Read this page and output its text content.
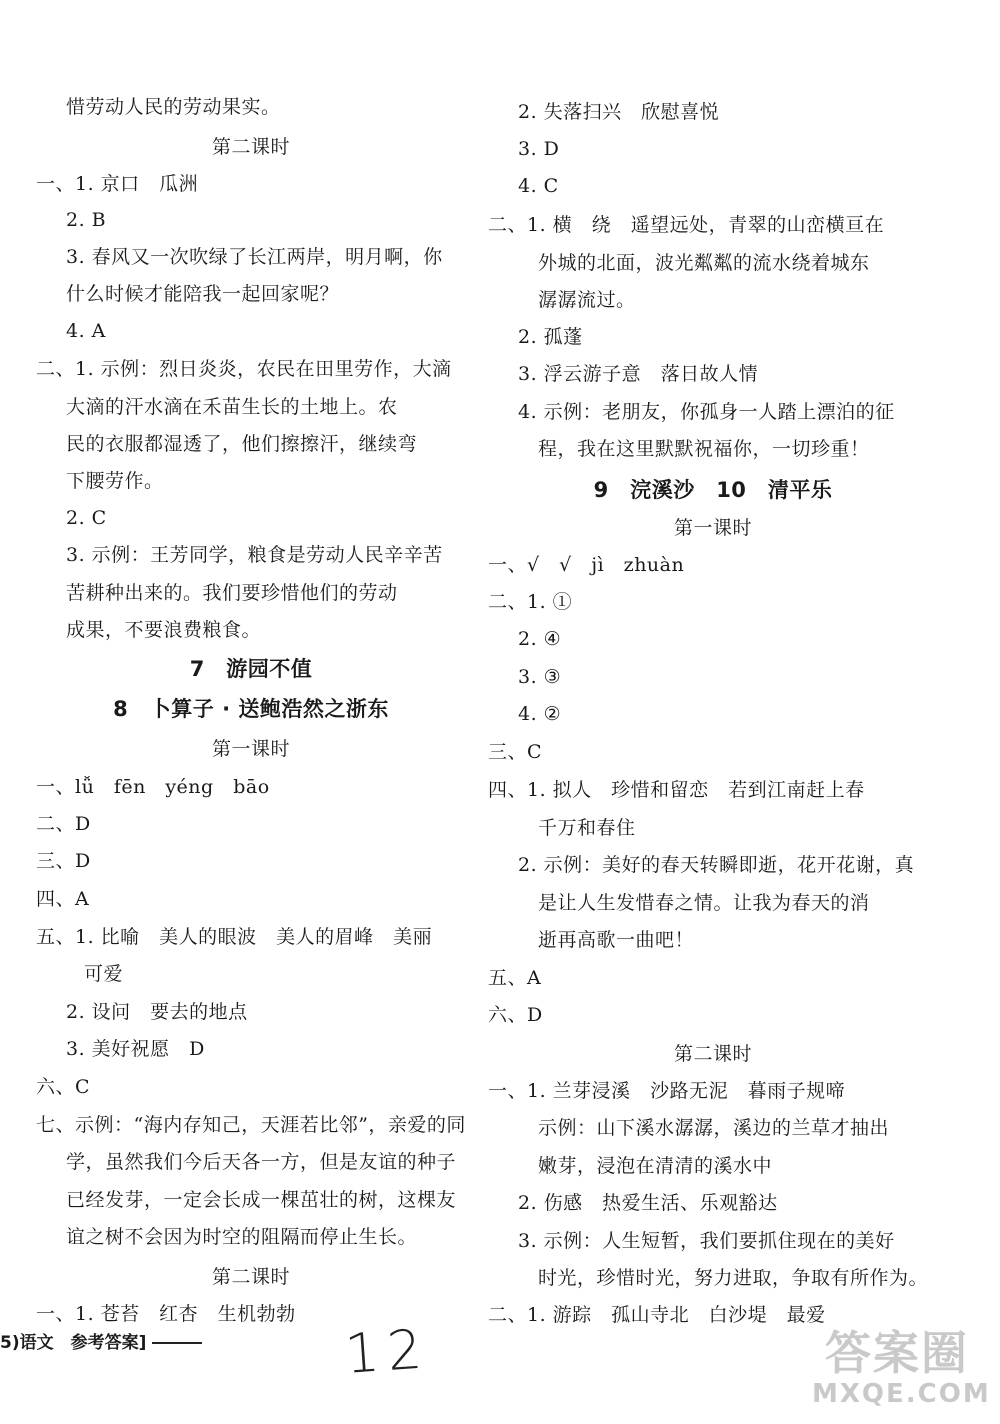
惜劳动人民的劳动果实。
第二课时
一、1. 京口　瓜洲
2. B
3. 春风又一次吹绿了长江两岸，明月啊，你
什么时候才能陪我一起回家呢？
4. A
二、1. 示例：烈日炎炎，农民在田里劳作，大滴
大滴的汗水滴在禾苗生长的土地上。农
民的衣服都湿透了，他们擦擦汗，继续弯
下腰劳作。
2. C
3. 示例：王芳同学，粮食是劳动人民辛辛苦
苦耕种出来的。我们要珍惜他们的劳动
成果，不要浪费粮食。
7　游园不值
8　卜算子 · 送鲍浩然之浙东
第一课时
一、lǚ　fēn　yéng　bāo
二、D
三、D
四、A
五、1. 比喻　美人的眼波　美人的眉峰　美丽
可爱
2. 设问　要去的地点
3. 美好祝愿　D
六、C
七、示例：“海内存知己，天涯若比邻”，亲爱的同
学，虽然我们今后天各一方，但是友谊的种子
已经发芽，一定会长成一棵茁壮的树，这棵友
谊之树不会因为时空的阻隔而停止生长。
第二课时
一、1. 苍苔　红杏　生机勃勃
2. 失落扫兴　欣慰喜悦
3. D
4. C
二、1. 横　绕　遥望远处，青翠的山峦横亘在
外城的北面，波光粼粼的流水绕着城东
潺潺流过。
2. 孤蓬
3. 浮云游子意　落日故人情
4. 示例：老朋友，你孤身一人踏上漂泊的征
程，我在这里默默祝福你，一切珍重！
9　浣溪沙　10　清平乐
第一课时
一、√　√　jì　zhuàn
二、1. ①
2. ④
3. ③
4. ②
三、C
四、1. 拟人　珍惜和留恋　若到江南赶上春
千万和春住
2. 示例：美好的春天转瞬即逝，花开花谢，真
是让人生发惜春之情。让我为春天的消
逝再高歌一曲吧！
五、A
六、D
第二课时
一、1. 兰芽浸溪　沙路无泥　暮雨子规啼
示例：山下溪水潺潺，溪边的兰草才抽出
嫩芽，浸泡在清清的溪水中
2. 伤感　热爱生活、乐观豁达
3. 示例：人生短暂，我们要抓住现在的美好
时光，珍惜时光，努力进取，争取有所作为。
二、1. 游踪　孤山寺北　白沙堤　最爱
5)语文　参考答案]	12	答案圈
MXQE.COM
